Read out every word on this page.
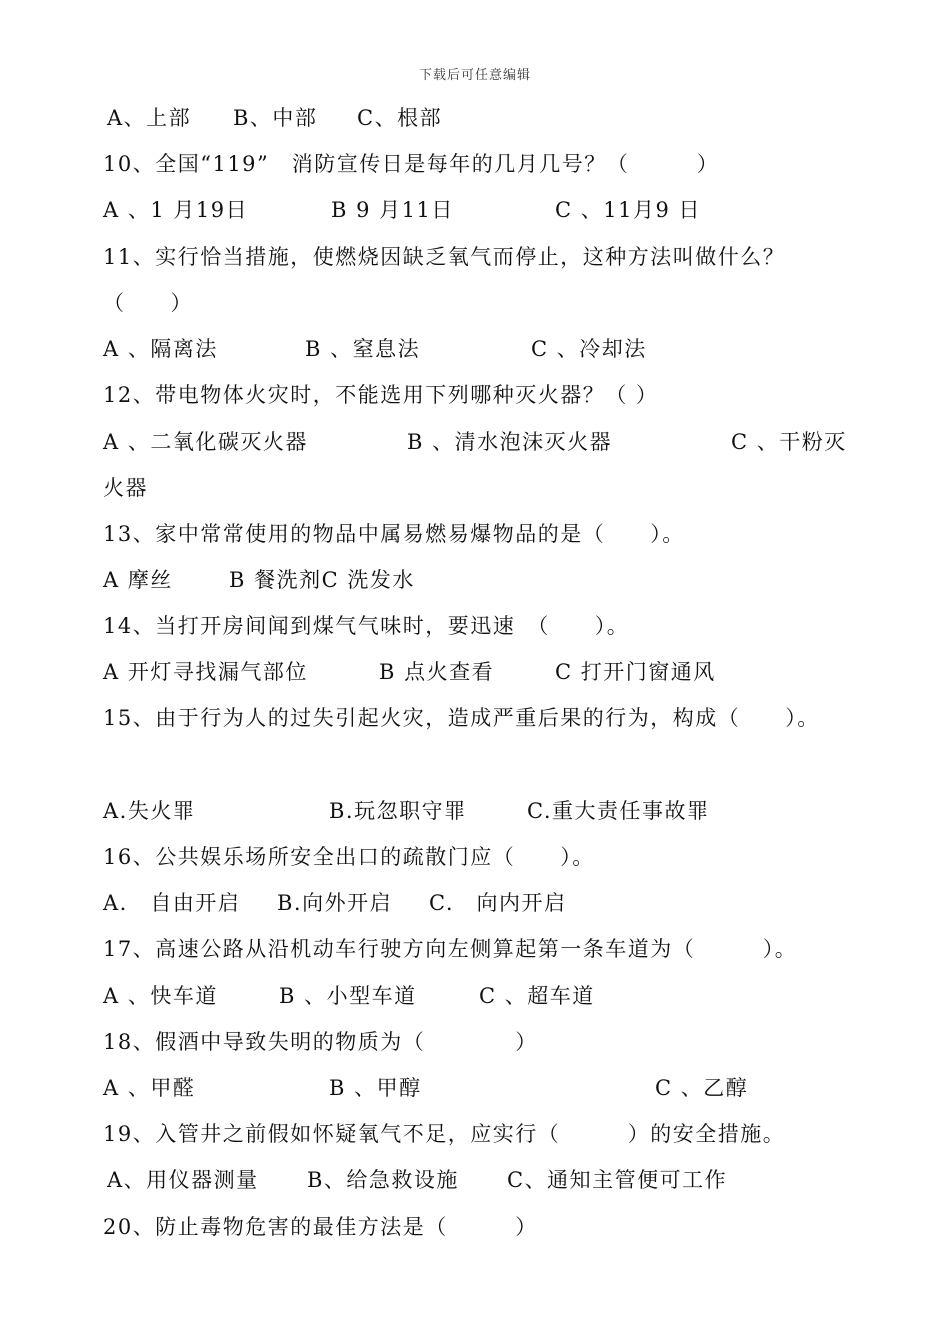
下载后可任意编辑

A、上部

B、中部

C、根部

10、全国“119”　消防宣传日是每年的几月几号？（　　　）

A 、1 月19日

	B 9 月11日

	C 、11月9 日

11、实行恰当措施，使燃烧因缺乏氧气而停止，这种方法叫做什么？
（　　）

A 、隔离法

	B 、窒息法

	C 、冷却法

12、带电物体火灾时，不能选用下列哪种灭火器？（ ）

A 、二氧化碳灭火器

	B 、清水泡沫灭火器

	C 、干粉灭

火器
13、家中常常使用的物品中属易燃易爆物品的是（　　）。

A 摩丝

	B 餐洗剂C 洗发水

14、当打开房间闻到煤气气味时，要迅速　（　　）。

A 开灯寻找漏气部位

	B 点火查看

	C 打开门窗通风

15、由于行为人的过失引起火灾，造成严重后果的行为，构成（　　）。

A.失火罪

	B.玩忽职守罪

	C.重大责任事故罪

16、公共娱乐场所安全出口的疏散门应（　　）。

A.　自由开启

B.向外开启

C.　向内开启

17、高速公路从沿机动车行驶方向左侧算起第一条车道为（　　　）。

A 、快车道

	B 、小型车道

	C 、超车道

18、假酒中导致失明的物质为（　　　　）

A 、甲醛

	B 、甲醇

	C 、乙醇

19、入管井之前假如怀疑氧气不足，应实行（　　　）的安全措施。

A、用仪器测量

B、给急救设施

C、通知主管便可工作

20、防止毒物危害的最佳方法是（　　　）
